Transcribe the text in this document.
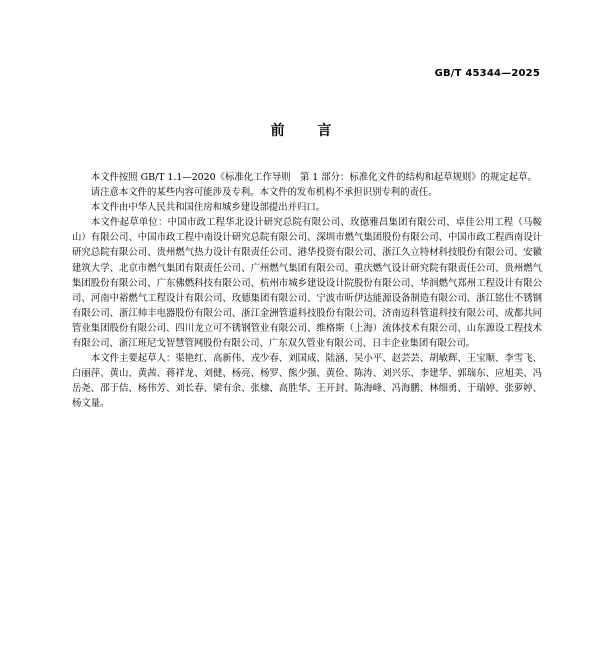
GB/T 45344—2025
前 言

本文件按照 GB/T 1.1—2020《标准化工作导则　第 1 部分：标准化文件的结构和起草规则》的规定起草。

请注意本文件的某些内容可能涉及专利。本文件的发布机构不承担识别专利的责任。

本文件由中华人民共和国住房和城乡建设部提出并归口。

本文件起草单位：中国市政工程华北设计研究总院有限公司、玫德雅昌集团有限公司、卓佳公用工程（马鞍山）有限公司、中国市政工程中南设计研究总院有限公司、深圳市燃气集团股份有限公司、中国市政工程西南设计研究总院有限公司、贵州燃气热力设计有限责任公司、港华投资有限公司、浙江久立特材科技股份有限公司、安徽建筑大学、北京市燃气集团有限责任公司、广州燃气集团有限公司、重庆燃气设计研究院有限责任公司、贵州燃气集团股份有限公司、广东佛燃科技有限公司、杭州市城乡建设设计院股份有限公司、华润燃气郑州工程设计有限公司、河南中裕燃气工程设计有限公司、玫德集团有限公司、宁波市昕伊达能源设备制造有限公司、浙江铭仕不锈钢有限公司、浙江帅丰电器股份有限公司、浙江金洲管道科技股份有限公司、济南迈科管道科技有限公司、成都共同管业集团股份有限公司、四川龙立可不锈钢管业有限公司、维格斯（上海）流体技术有限公司、山东源设工程技术有限公司、浙江班尼戈智慧管网股份有限公司、广东双久管业有限公司、日丰企业集团有限公司。

本文件主要起草人：渠艳红、高新伟、戎少春、刘国成、陆涵、吴小平、赵芸芸、胡敏辉、王宝顺、李雪飞、白丽萍、黄山、黄茜、蒋祥龙、刘健、杨亮、杨罗、熊少强、黄俭、陈涛、刘兴乐、李建华、郭瑞东、应旭美、冯岳尧、邵于佶、杨伟芳、刘长春、梁有余、张棣、高胜华、王开封、陈海峰、冯海鹏、林细勇、于瑞婷、张萝婷、杨文量。
